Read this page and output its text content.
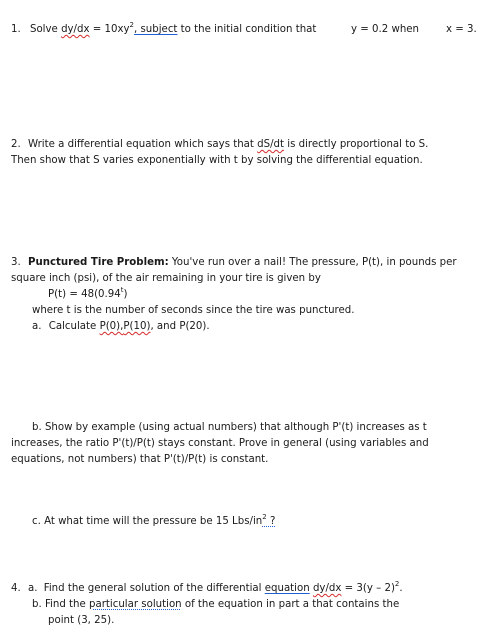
1. Solve $dy/dx = 10xy^2$, subject to the initial condition that	y = 0.2 when	x = 3.
2. Write a differential equation which says that dS/dt is directly proportional to S.
Then show that S varies exponentially with t by solving the differential equation.
3. Punctured Tire Problem: You've run over a nail! The pressure, P(t), in pounds per
square inch (psi), of the air remaining in your tire is given by
$P(t) = 48(0.94^t)$
where t is the number of seconds since the tire was punctured.
a. Calculate P(0),P(10), and P(20).
b. Show by example (using actual numbers) that although P'(t) increases as t
increases, the ratio P'(t)/P(t) stays constant. Prove in general (using variables and
equations, not numbers) that P'(t)/P(t) is constant.
c. At what time will the pressure be 15 Lbs/$in^2$ ?
4. a. Find the general solution of the differential equation dy/dx = 3(y – 2)$^2$.
b. Find the particular solution of the equation in part a that contains the
point (3, 25).
